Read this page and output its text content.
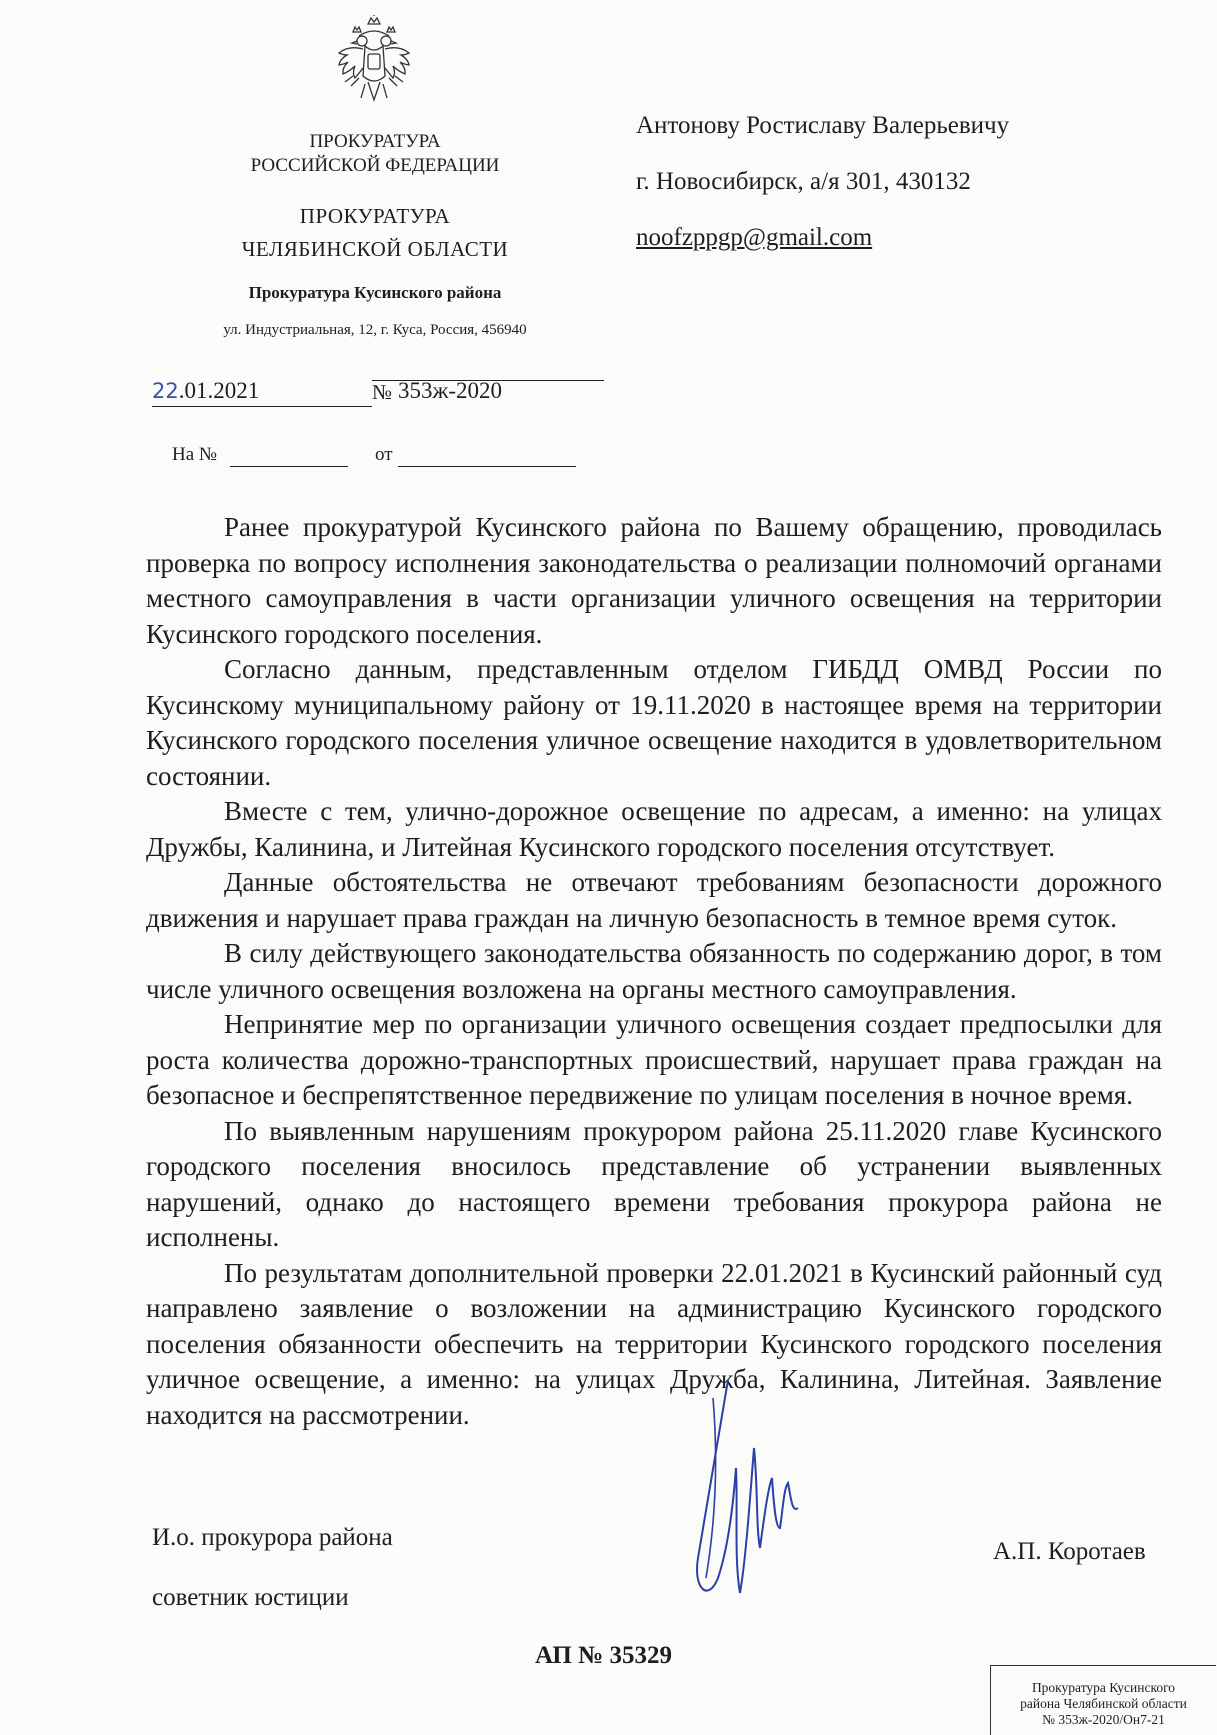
ПРОКУРАТУРА
РОССИЙСКОЙ ФЕДЕРАЦИИ
ПРОКУРАТУРА
ЧЕЛЯБИНСКОЙ ОБЛАСТИ
Прокуратура Кусинского района
ул. Индустриальная, 12, г. Куса, Россия, 456940
22.01.2021	353ж-2020
№
На №	от
Антонову Ростиславу Валерьевичу
г. Новосибирск, а/я 301, 430132
noofzppgp@gmail.com

Ранее прокуратурой Кусинского района по Вашему обращению, проводилась проверка по вопросу исполнения законодательства о реализации полномочий органами местного самоуправления в части организации уличного освещения на территории Кусинского городского поселения.

Согласно данным, представленным отделом ГИБДД ОМВД России по Кусинскому муниципальному району от 19.11.2020 в настоящее время на территории Кусинского городского поселения уличное освещение находится в удовлетворительном состоянии.

Вместе с тем, улично-дорожное освещение по адресам, а именно: на улицах Дружбы, Калинина, и Литейная Кусинского городского поселения отсутствует.

Данные обстоятельства не отвечают требованиям безопасности дорожного движения и нарушает права граждан на личную безопасность в темное время суток.

В силу действующего законодательства обязанность по содержанию дорог, в том числе уличного освещения возложена на органы местного самоуправления.

Непринятие мер по организации уличного освещения создает предпосылки для роста количества дорожно-транспортных происшествий, нарушает права граждан на безопасное и беспрепятственное передвижение по улицам поселения в ночное время.

По выявленным нарушениям прокурором района 25.11.2020 главе Кусинского городского поселения вносилось представление об устранении выявленных нарушений, однако до настоящего времени требования прокурора района не исполнены.

По результатам дополнительной проверки 22.01.2021 в Кусинский районный суд направлено заявление о возложении на администрацию Кусинского городского поселения обязанности обеспечить на территории Кусинского городского поселения уличное освещение, а именно: на улицах Дружба, Калинина, Литейная. Заявление находится на рассмотрении.

И.о. прокурора района
советник юстиции
А.П. Коротаев
АП № 35329
Прокуратура Кусинского
района Челябинской области
№ 353ж-2020/Он7-21
